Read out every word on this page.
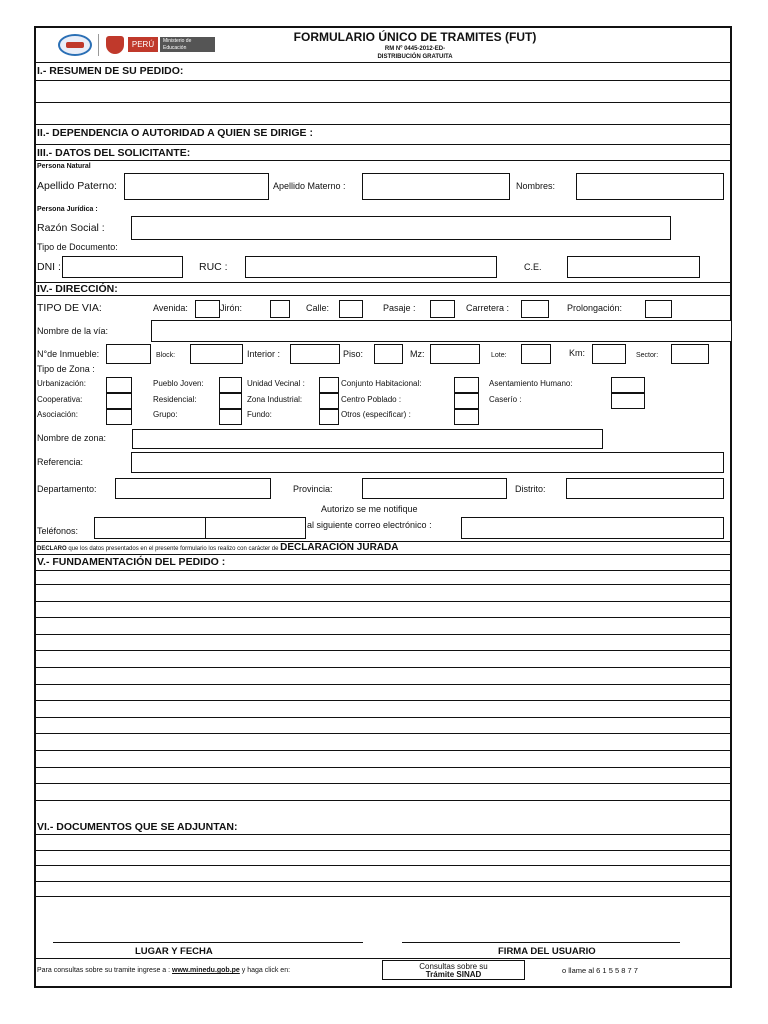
PERÚ	Ministerio de Educación
FORMULARIO ÚNICO DE TRAMITES (FUT)
RM Nº 0445-2012-ED-
DISTRIBUCIÓN GRATUITA
I.- RESUMEN DE SU PEDIDO:
II.- DEPENDENCIA O AUTORIDAD A QUIEN SE DIRIGE :
III.- DATOS DEL SOLICITANTE:
Persona Natural
Apellido Paterno:	Apellido Materno :	Nombres:
Persona Jurídica :
Razón Social :
Tipo de Documento:
DNI :	RUC :	C.E.
IV.- DIRECCIÓN:
TIPO DE VIA:	Avenida:	Jirón:	Calle:	Pasaje :	Carretera :	Prolongación:
Nombre de la vía:
N°de Inmueble:	Block:	Interior :	Piso:	Mz:	Lote:	Km:	Sector:
Tipo de Zona :
Urbanización:	Pueblo Joven:	Unidad Vecinal :	Conjunto Habitacional:	Asentamiento Humano:
Cooperativa:	Residencial:	Zona Industrial:	Centro Poblado :	Caserío :
Asociación:	Grupo:	Fundo:	Otros (especificar) :
Nombre de zona:
Referencia:
Departamento:	Provincia:	Distrito:
Autorizo se me notifique
al siguiente correo electrónico :
Teléfonos:
DECLARO que los datos presentados en el presente formulario los realizo con carácter de DECLARACIÓN JURADA
V.- FUNDAMENTACIÓN DEL PEDIDO :
VI.- DOCUMENTOS QUE SE ADJUNTAN:
LUGAR Y FECHA	FIRMA DEL USUARIO
Para consultas sobre su tramite ingrese a : www.minedu.gob.pe y haga click en:	Consultas sobre su
Trámite SINAD	o llame al 6 1 5 5 8 7 7
